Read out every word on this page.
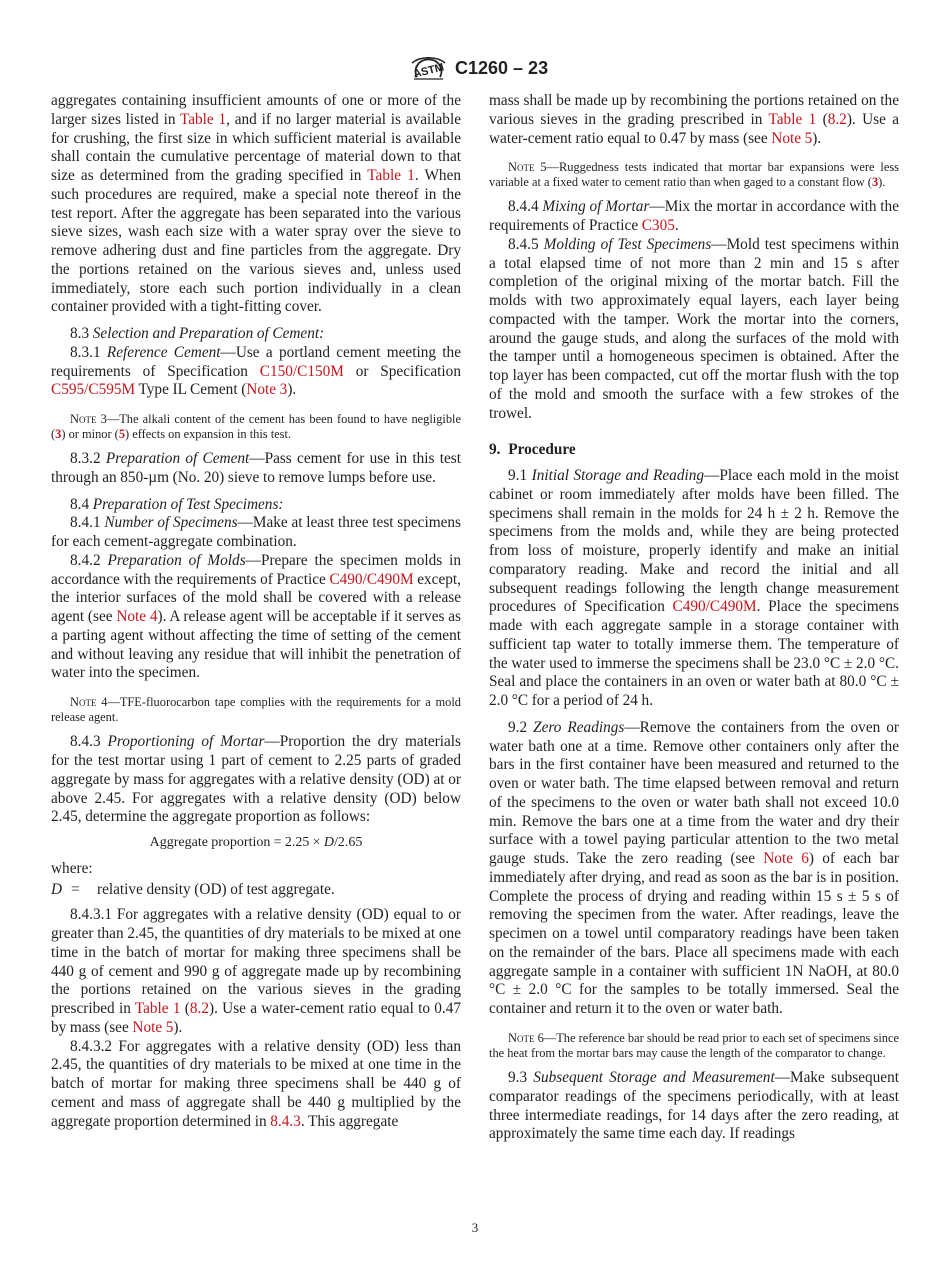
ASTM C1260 – 23

aggregates containing insufficient amounts of one or more of the larger sizes listed in Table 1, and if no larger material is available for crushing, the first size in which sufficient material is available shall contain the cumulative percentage of material down to that size as determined from the grading specified in Table 1. When such procedures are required, make a special note thereof in the test report. After the aggregate has been separated into the various sieve sizes, wash each size with a water spray over the sieve to remove adhering dust and fine particles from the aggregate. Dry the portions retained on the various sieves and, unless used immediately, store each such portion individually in a clean container provided with a tight-fitting cover.

8.3 Selection and Preparation of Cement:

8.3.1 Reference Cement—Use a portland cement meeting the requirements of Specification C150/C150M or Specification C595/C595M Type IL Cement (Note 3).

Note 3—The alkali content of the cement has been found to have negligible (3) or minor (5) effects on expansion in this test.

8.3.2 Preparation of Cement—Pass cement for use in this test through an 850-µm (No. 20) sieve to remove lumps before use.

8.4 Preparation of Test Specimens:

8.4.1 Number of Specimens—Make at least three test specimens for each cement-aggregate combination.

8.4.2 Preparation of Molds—Prepare the specimen molds in accordance with the requirements of Practice C490/C490M except, the interior surfaces of the mold shall be covered with a release agent (see Note 4). A release agent will be acceptable if it serves as a parting agent without affecting the time of setting of the cement and without leaving any residue that will inhibit the penetration of water into the specimen.

Note 4—TFE-fluorocarbon tape complies with the requirements for a mold release agent.

8.4.3 Proportioning of Mortar—Proportion the dry materials for the test mortar using 1 part of cement to 2.25 parts of graded aggregate by mass for aggregates with a relative density (OD) at or above 2.45. For aggregates with a relative density (OD) below 2.45, determine the aggregate proportion as follows:

Aggregate proportion = 2.25 × D/2.65

where:

D =	relative density (OD) of test aggregate.

8.4.3.1 For aggregates with a relative density (OD) equal to or greater than 2.45, the quantities of dry materials to be mixed at one time in the batch of mortar for making three specimens shall be 440 g of cement and 990 g of aggregate made up by recombining the portions retained on the various sieves in the grading prescribed in Table 1 (8.2). Use a water-cement ratio equal to 0.47 by mass (see Note 5).

8.4.3.2 For aggregates with a relative density (OD) less than 2.45, the quantities of dry materials to be mixed at one time in the batch of mortar for making three specimens shall be 440 g of cement and mass of aggregate shall be 440 g multiplied by the aggregate proportion determined in 8.4.3. This aggregate

mass shall be made up by recombining the portions retained on the various sieves in the grading prescribed in Table 1 (8.2). Use a water-cement ratio equal to 0.47 by mass (see Note 5).

Note 5—Ruggedness tests indicated that mortar bar expansions were less variable at a fixed water to cement ratio than when gaged to a constant flow (3).

8.4.4 Mixing of Mortar—Mix the mortar in accordance with the requirements of Practice C305.

8.4.5 Molding of Test Specimens—Mold test specimens within a total elapsed time of not more than 2 min and 15 s after completion of the original mixing of the mortar batch. Fill the molds with two approximately equal layers, each layer being compacted with the tamper. Work the mortar into the corners, around the gauge studs, and along the surfaces of the mold with the tamper until a homogeneous specimen is obtained. After the top layer has been compacted, cut off the mortar flush with the top of the mold and smooth the surface with a few strokes of the trowel.

9. Procedure

9.1 Initial Storage and Reading—Place each mold in the moist cabinet or room immediately after molds have been filled. The specimens shall remain in the molds for 24 h ± 2 h. Remove the specimens from the molds and, while they are being protected from loss of moisture, properly identify and make an initial comparatory reading. Make and record the initial and all subsequent readings following the length change measurement procedures of Specification C490/C490M. Place the specimens made with each aggregate sample in a storage container with sufficient tap water to totally immerse them. The temperature of the water used to immerse the specimens shall be 23.0 °C ± 2.0 °C. Seal and place the containers in an oven or water bath at 80.0 °C ± 2.0 °C for a period of 24 h.

9.2 Zero Readings—Remove the containers from the oven or water bath one at a time. Remove other containers only after the bars in the first container have been measured and returned to the oven or water bath. The time elapsed between removal and return of the specimens to the oven or water bath shall not exceed 10.0 min. Remove the bars one at a time from the water and dry their surface with a towel paying particular attention to the two metal gauge studs. Take the zero reading (see Note 6) of each bar immediately after drying, and read as soon as the bar is in position. Complete the process of drying and reading within 15 s ± 5 s of removing the specimen from the water. After readings, leave the specimen on a towel until comparatory readings have been taken on the remainder of the bars. Place all specimens made with each aggregate sample in a container with sufficient 1N NaOH, at 80.0 °C ± 2.0 °C for the samples to be totally immersed. Seal the container and return it to the oven or water bath.

Note 6—The reference bar should be read prior to each set of specimens since the heat from the mortar bars may cause the length of the comparator to change.

9.3 Subsequent Storage and Measurement—Make subsequent comparator readings of the specimens periodically, with at least three intermediate readings, for 14 days after the zero reading, at approximately the same time each day. If readings

3
